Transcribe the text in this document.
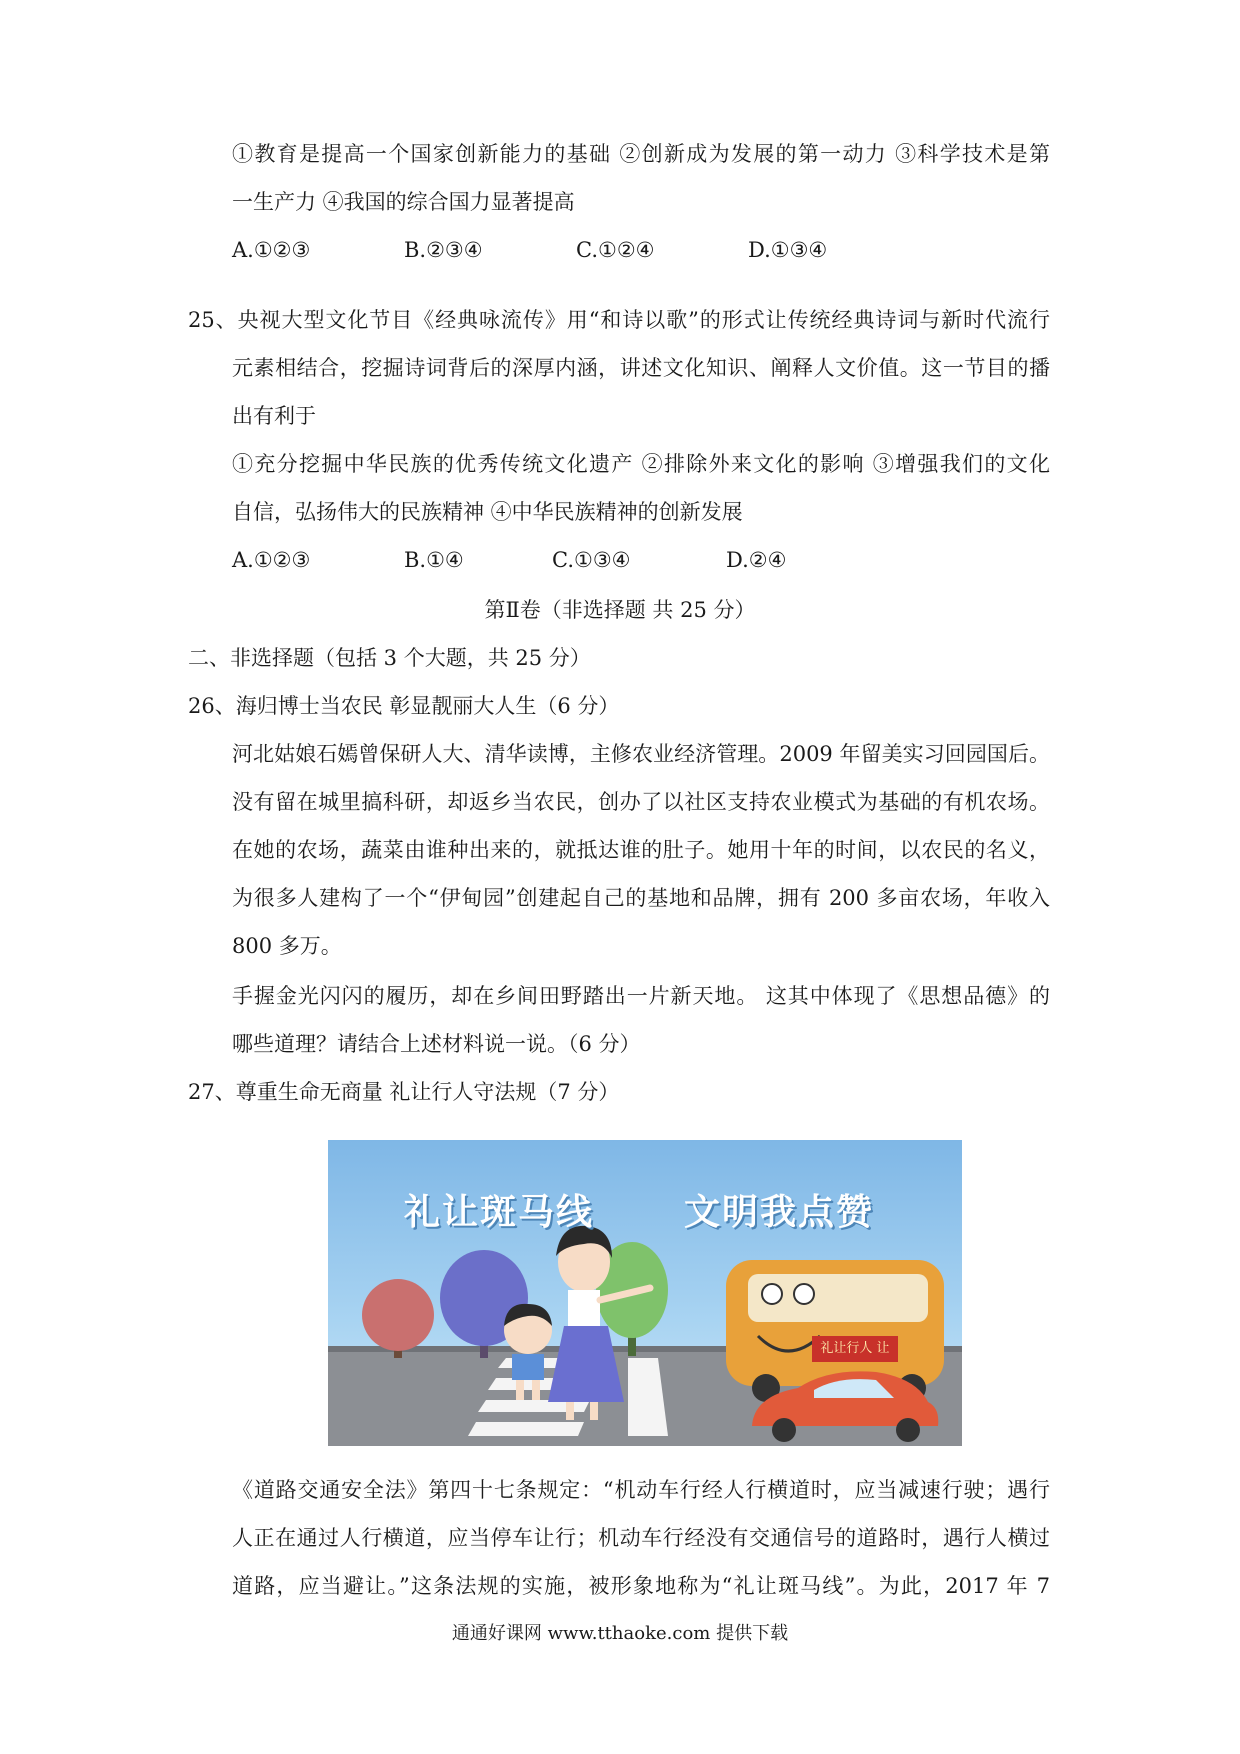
①教育是提高一个国家创新能力的基础 ②创新成为发展的第一动力 ③科学技术是第
一生产力 ④我国的综合国力显著提高
A.①②③	B.②③④	C.①②④	D.①③④
25、央视大型文化节目《经典咏流传》用“和诗以歌”的形式让传统经典诗词与新时代流行
元素相结合，挖掘诗词背后的深厚内涵，讲述文化知识、阐释人文价值。这一节目的播
出有利于
①充分挖掘中华民族的优秀传统文化遗产 ②排除外来文化的影响 ③增强我们的文化
自信，弘扬伟大的民族精神 ④中华民族精神的创新发展
A.①②③	B.①④	C.①③④	D.②④
第Ⅱ卷（非选择题 共 25 分）
二、非选择题（包括 3 个大题，共 25 分）
26、海归博士当农民 彰显靓丽大人生（6 分）
河北姑娘石嫣曾保研人大、清华读博，主修农业经济管理。2009 年留美实习回园国后。
没有留在城里搞科研，却返乡当农民，创办了以社区支持农业模式为基础的有机农场。
在她的农场，蔬菜由谁种出来的，就抵达谁的肚子。她用十年的时间，以农民的名义，
为很多人建构了一个“伊甸园”创建起自己的基地和品牌，拥有 200 多亩农场，年收入
800 多万。
手握金光闪闪的履历，却在乡间田野踏出一片新天地。 这其中体现了《思想品德》的
哪些道理？请结合上述材料说一说。（6 分）
27、尊重生命无商量 礼让行人守法规（7 分）
礼让斑马线 文明我点赞
礼让行人 让
《道路交通安全法》第四十七条规定：“机动车行经人行横道时，应当减速行驶；遇行
人正在通过人行横道，应当停车让行；机动车行经没有交通信号的道路时，遇行人横过
道路，应当避让。”这条法规的实施，被形象地称为“礼让斑马线”。为此，2017 年 7
通通好课网 www.tthaoke.com 提供下载
